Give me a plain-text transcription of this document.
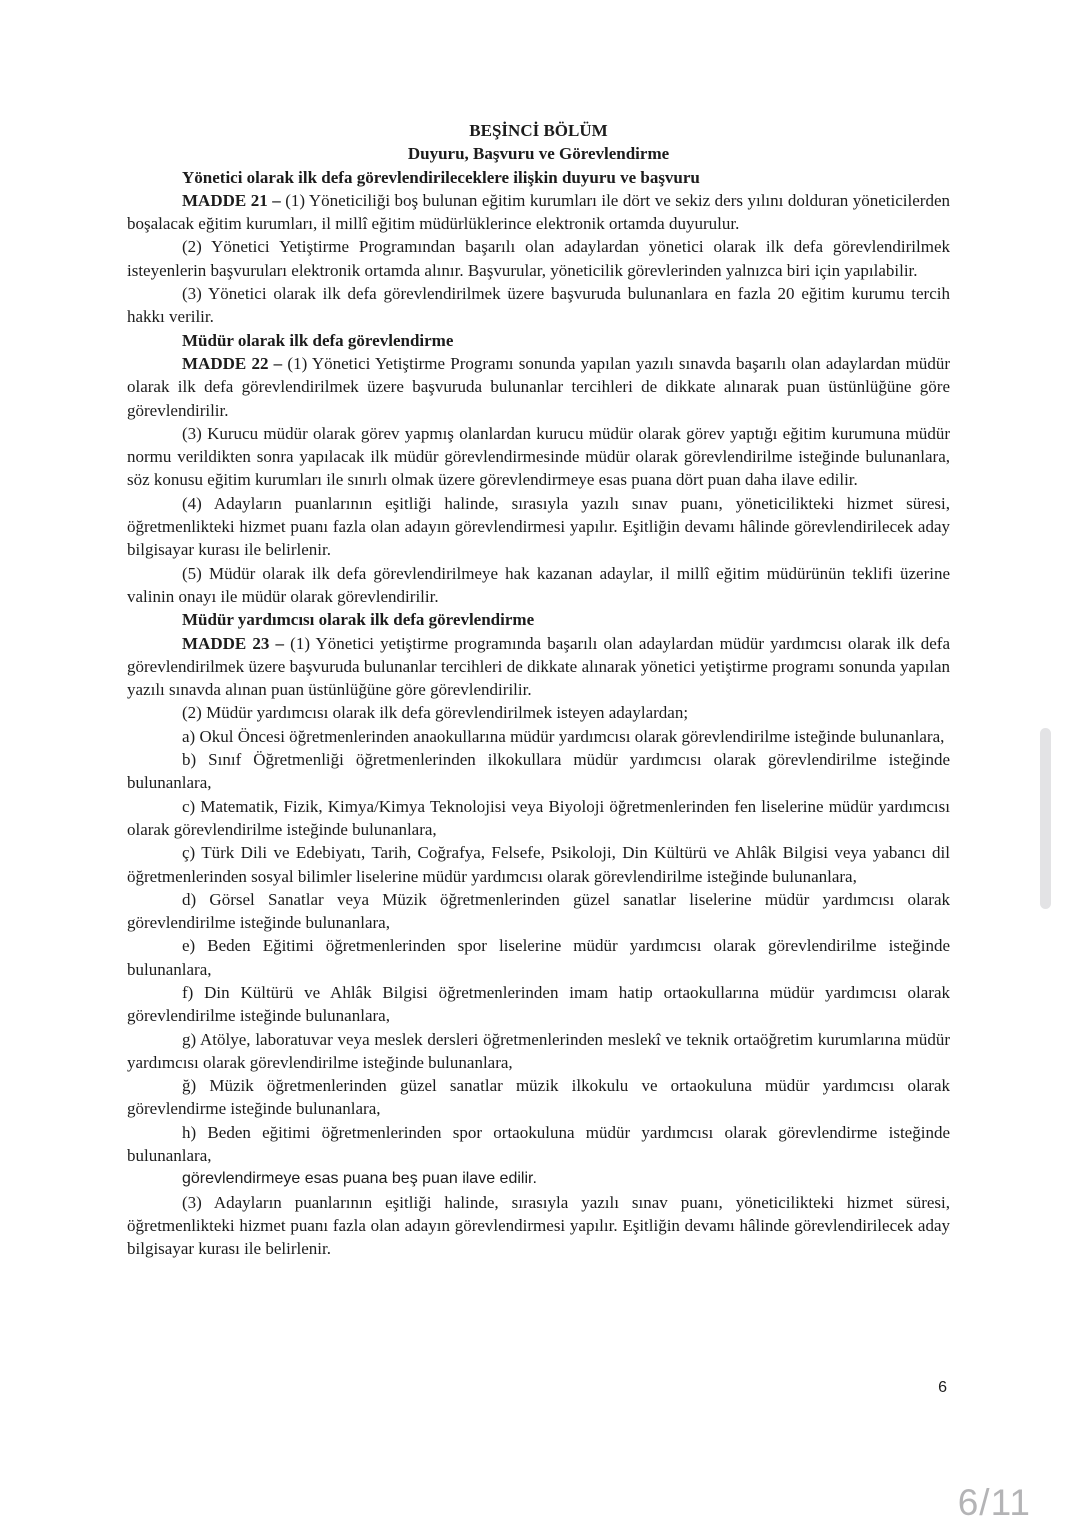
BEŞİNCİ BÖLÜM

Duyuru, Başvuru ve Görevlendirme

Yönetici olarak ilk defa görevlendirileceklere ilişkin duyuru ve başvuru

MADDE 21 – (1) Yöneticiliği boş bulunan eğitim kurumları ile dört ve sekiz ders yılını dolduran yöneticilerden boşalacak eğitim kurumları, il millî eğitim müdürlüklerince elektronik ortamda duyurulur.

(2) Yönetici Yetiştirme Programından başarılı olan adaylardan yönetici olarak ilk defa görevlendirilmek isteyenlerin başvuruları elektronik ortamda alınır. Başvurular, yöneticilik görevlerinden yalnızca biri için yapılabilir.

(3) Yönetici olarak ilk defa görevlendirilmek üzere başvuruda bulunanlara en fazla 20 eğitim kurumu tercih hakkı verilir.

Müdür olarak ilk defa görevlendirme

MADDE 22 – (1) Yönetici Yetiştirme Programı sonunda yapılan yazılı sınavda başarılı olan adaylardan müdür olarak ilk defa görevlendirilmek üzere başvuruda bulunanlar tercihleri de dikkate alınarak puan üstünlüğüne göre görevlendirilir.

(3) Kurucu müdür olarak görev yapmış olanlardan kurucu müdür olarak görev yaptığı eğitim kurumuna müdür normu verildikten sonra yapılacak ilk müdür görevlendirmesinde müdür olarak görevlendirilme isteğinde bulunanlara, söz konusu eğitim kurumları ile sınırlı olmak üzere görevlendirmeye esas puana dört puan daha ilave edilir.

(4) Adayların puanlarının eşitliği halinde, sırasıyla yazılı sınav puanı, yöneticilikteki hizmet süresi, öğretmenlikteki hizmet puanı fazla olan adayın görevlendirmesi yapılır. Eşitliğin devamı hâlinde görevlendirilecek aday bilgisayar kurası ile belirlenir.

(5) Müdür olarak ilk defa görevlendirilmeye hak kazanan adaylar, il millî eğitim müdürünün teklifi üzerine valinin onayı ile müdür olarak görevlendirilir.

Müdür yardımcısı olarak ilk defa görevlendirme

MADDE 23 – (1) Yönetici yetiştirme programında başarılı olan adaylardan müdür yardımcısı olarak ilk defa görevlendirilmek üzere başvuruda bulunanlar tercihleri de dikkate alınarak yönetici yetiştirme programı sonunda yapılan yazılı sınavda alınan puan üstünlüğüne göre görevlendirilir.

(2) Müdür yardımcısı olarak ilk defa görevlendirilmek isteyen adaylardan;

a) Okul Öncesi öğretmenlerinden anaokullarına müdür yardımcısı olarak görevlendirilme isteğinde bulunanlara,

b) Sınıf Öğretmenliği öğretmenlerinden ilkokullara müdür yardımcısı olarak görevlendirilme isteğinde bulunanlara,

c) Matematik, Fizik, Kimya/Kimya Teknolojisi veya Biyoloji öğretmenlerinden fen liselerine müdür yardımcısı olarak görevlendirilme isteğinde bulunanlara,

ç) Türk Dili ve Edebiyatı, Tarih, Coğrafya, Felsefe, Psikoloji, Din Kültürü ve Ahlâk Bilgisi veya yabancı dil öğretmenlerinden sosyal bilimler liselerine müdür yardımcısı olarak görevlendirilme isteğinde bulunanlara,

d) Görsel Sanatlar veya Müzik öğretmenlerinden güzel sanatlar liselerine müdür yardımcısı olarak görevlendirilme isteğinde bulunanlara,

e) Beden Eğitimi öğretmenlerinden spor liselerine müdür yardımcısı olarak görevlendirilme isteğinde bulunanlara,

f) Din Kültürü ve Ahlâk Bilgisi öğretmenlerinden imam hatip ortaokullarına müdür yardımcısı olarak görevlendirilme isteğinde bulunanlara,

g) Atölye, laboratuvar veya meslek dersleri öğretmenlerinden meslekî ve teknik ortaöğretim kurumlarına müdür yardımcısı olarak görevlendirilme isteğinde bulunanlara,

ğ) Müzik öğretmenlerinden güzel sanatlar müzik ilkokulu ve ortaokuluna müdür yardımcısı olarak görevlendirme isteğinde bulunanlara,

h) Beden eğitimi öğretmenlerinden spor ortaokuluna müdür yardımcısı olarak görevlendirme isteğinde bulunanlara,

görevlendirmeye esas puana beş puan ilave edilir.

(3) Adayların puanlarının eşitliği halinde, sırasıyla yazılı sınav puanı, yöneticilikteki hizmet süresi, öğretmenlikteki hizmet puanı fazla olan adayın görevlendirmesi yapılır. Eşitliğin devamı hâlinde görevlendirilecek aday bilgisayar kurası ile belirlenir.

6
6/11
